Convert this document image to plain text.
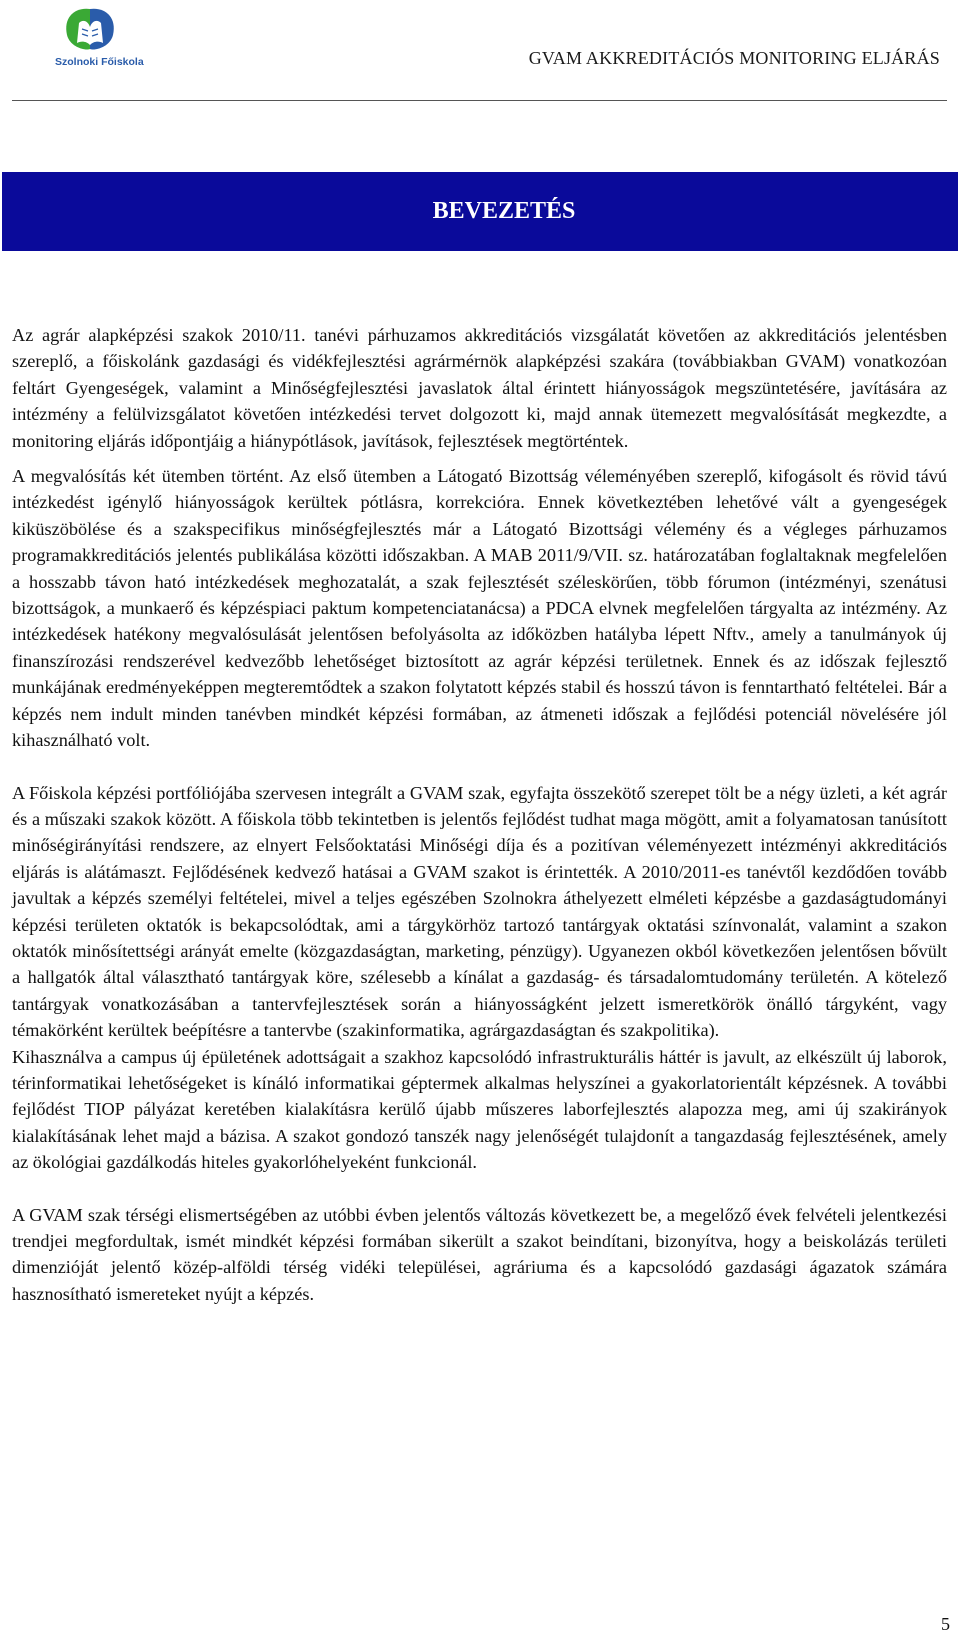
Szolnoki Főiskola	GVAM AKKREDITÁCIÓS MONITORING ELJÁRÁS
BEVEZETÉS

Az agrár alapképzési szakok 2010/11. tanévi párhuzamos akkreditációs vizsgálatát követően az akkreditációs jelentésben szereplő, a főiskolánk gazdasági és vidékfejlesztési agrármérnök alapképzési szakára (továbbiakban GVAM) vonatkozóan feltárt Gyengeségek, valamint a Minőségfejlesztési javaslatok által érintett hiányosságok megszüntetésére, javítására az intézmény a felülvizsgálatot követően intézkedési tervet dolgozott ki, majd annak ütemezett megvalósítását megkezdte, a monitoring eljárás időpontjáig a hiánypótlások, javítások, fejlesztések megtörténtek.

A megvalósítás két ütemben történt. Az első ütemben a Látogató Bizottság véleményében szereplő, kifogásolt és rövid távú intézkedést igénylő hiányosságok kerültek pótlásra, korrekcióra. Ennek következtében lehetővé vált a gyengeségek kiküszöbölése és a szakspecifikus minőségfejlesztés már a Látogató Bizottsági vélemény és a végleges párhuzamos programakkreditációs jelentés publikálása közötti időszakban. A MAB 2011/9/VII. sz. határozatában foglaltaknak megfelelően a hosszabb távon ható intézkedések meghozatalát, a szak fejlesztését széleskörűen, több fórumon (intézményi, szenátusi bizottságok, a munkaerő és képzéspiaci paktum kompetenciatanácsa) a PDCA elvnek megfelelően tárgyalta az intézmény. Az intézkedések hatékony megvalósulását jelentősen befolyásolta az időközben hatályba lépett Nftv., amely a tanulmányok új finanszírozási rendszerével kedvezőbb lehetőséget biztosított az agrár képzési területnek. Ennek és az időszak fejlesztő munkájának eredményeképpen megteremtődtek a szakon folytatott képzés stabil és hosszú távon is fenntartható feltételei. Bár a képzés nem indult minden tanévben mindkét képzési formában, az átmeneti időszak a fejlődési potenciál növelésére jól kihasználható volt.

A Főiskola képzési portfóliójába szervesen integrált a GVAM szak, egyfajta összekötő szerepet tölt be a négy üzleti, a két agrár és a műszaki szakok között. A főiskola több tekintetben is jelentős fejlődést tudhat maga mögött, amit a folyamatosan tanúsított minőségirányítási rendszere, az elnyert Felsőoktatási Minőségi díja és a pozitívan véleményezett intézményi akkreditációs eljárás is alátámaszt. Fejlődésének kedvező hatásai a GVAM szakot is érintették. A 2010/2011-es tanévtől kezdődően tovább javultak a képzés személyi feltételei, mivel a teljes egészében Szolnokra áthelyezett elméleti képzésbe a gazdaságtudományi képzési területen oktatók is bekapcsolódtak, ami a tárgykörhöz tartozó tantárgyak oktatási színvonalát, valamint a szakon oktatók minősítettségi arányát emelte (közgazdaságtan, marketing, pénzügy). Ugyanezen okból következően jelentősen bővült a hallgatók által választható tantárgyak köre, szélesebb a kínálat a gazdaság- és társadalomtudomány területén. A kötelező tantárgyak vonatkozásában a tantervfejlesztések során a hiányosságként jelzett ismeretkörök önálló tárgyként, vagy témakörként kerültek beépítésre a tantervbe (szakinformatika, agrárgazdaságtan és szakpolitika).

Kihasználva a campus új épületének adottságait a szakhoz kapcsolódó infrastrukturális háttér is javult, az elkészült új laborok, térinformatikai lehetőségeket is kínáló informatikai géptermek alkalmas helyszínei a gyakorlatorientált képzésnek. A további fejlődést TIOP pályázat keretében kialakításra kerülő újabb műszeres laborfejlesztés alapozza meg, ami új szakirányok kialakításának lehet majd a bázisa. A szakot gondozó tanszék nagy jelenőségét tulajdonít a tangazdaság fejlesztésének, amely az ökológiai gazdálkodás hiteles gyakorlóhelyeként funkcionál.

A GVAM szak térségi elismertségében az utóbbi évben jelentős változás következett be, a megelőző évek felvételi jelentkezési trendjei megfordultak, ismét mindkét képzési formában sikerült a szakot beindítani, bizonyítva, hogy a beiskolázás területi dimenzióját jelentő közép-alföldi térség vidéki települései, agráriuma és a kapcsolódó gazdasági ágazatok számára hasznosítható ismereteket nyújt a képzés.

5
